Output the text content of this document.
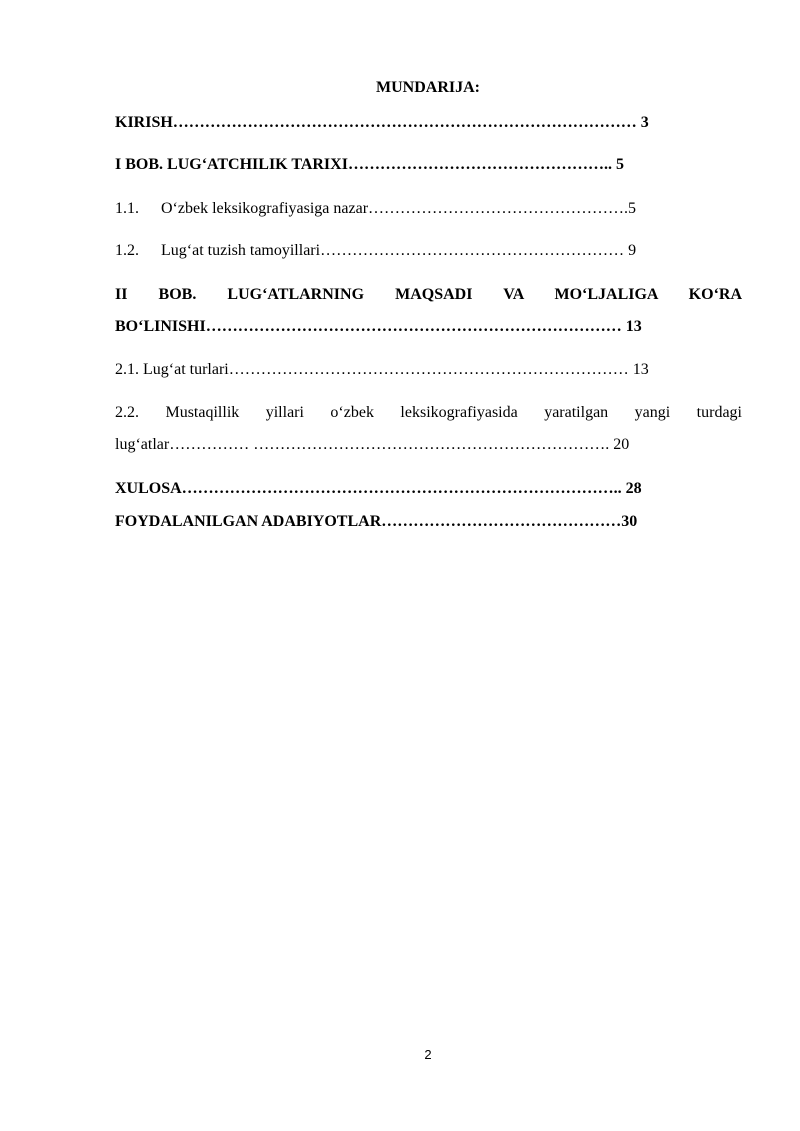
MUNDARIJA:
KIRISH…………………………………………………………………………… 3
I BOB. LUG‘ATCHILIK TARIXI………………………………………….. 5
1.1. O‘zbek leksikografiyasiga nazar………………………………………….5
1.2. Lug‘at tuzish tamoyillari………………………………………………… 9
II BOB. LUG‘ATLARNING MAQSADI VA MO‘LJALIGA KO‘RA
BO‘LINISHI…………………………………………………………………… 13
2.1. Lug‘at turlari………………………………………………………………… 13
2.2. Mustaqillik yillari o‘zbek leksikografiyasida yaratilgan yangi turdagi
lug‘atlar…………… …………………………………………………………. 20
XULOSA……………………………………………………………………….. 28
FOYDALANILGAN ADABIYOTLAR………………………………………30
2
